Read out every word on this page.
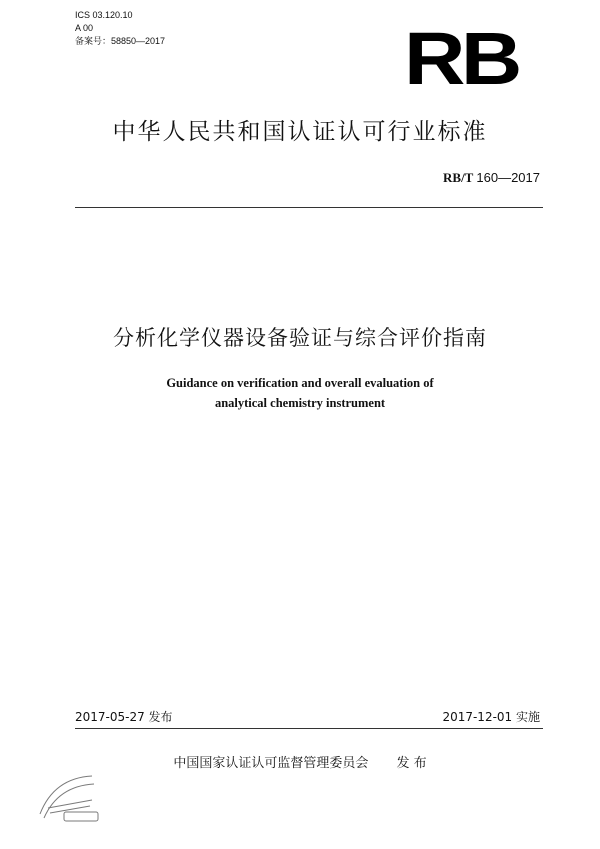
ICS 03.120.10
A 00
备案号：58850—2017	RB
中华人民共和国认证认可行业标准
RB/T 160—2017
分析化学仪器设备验证与综合评价指南
Guidance on verification and overall evaluation of
analytical chemistry instrument
2017-05-27 发布	2017-12-01 实施
中国国家认证认可监督管理委员会 发 布
